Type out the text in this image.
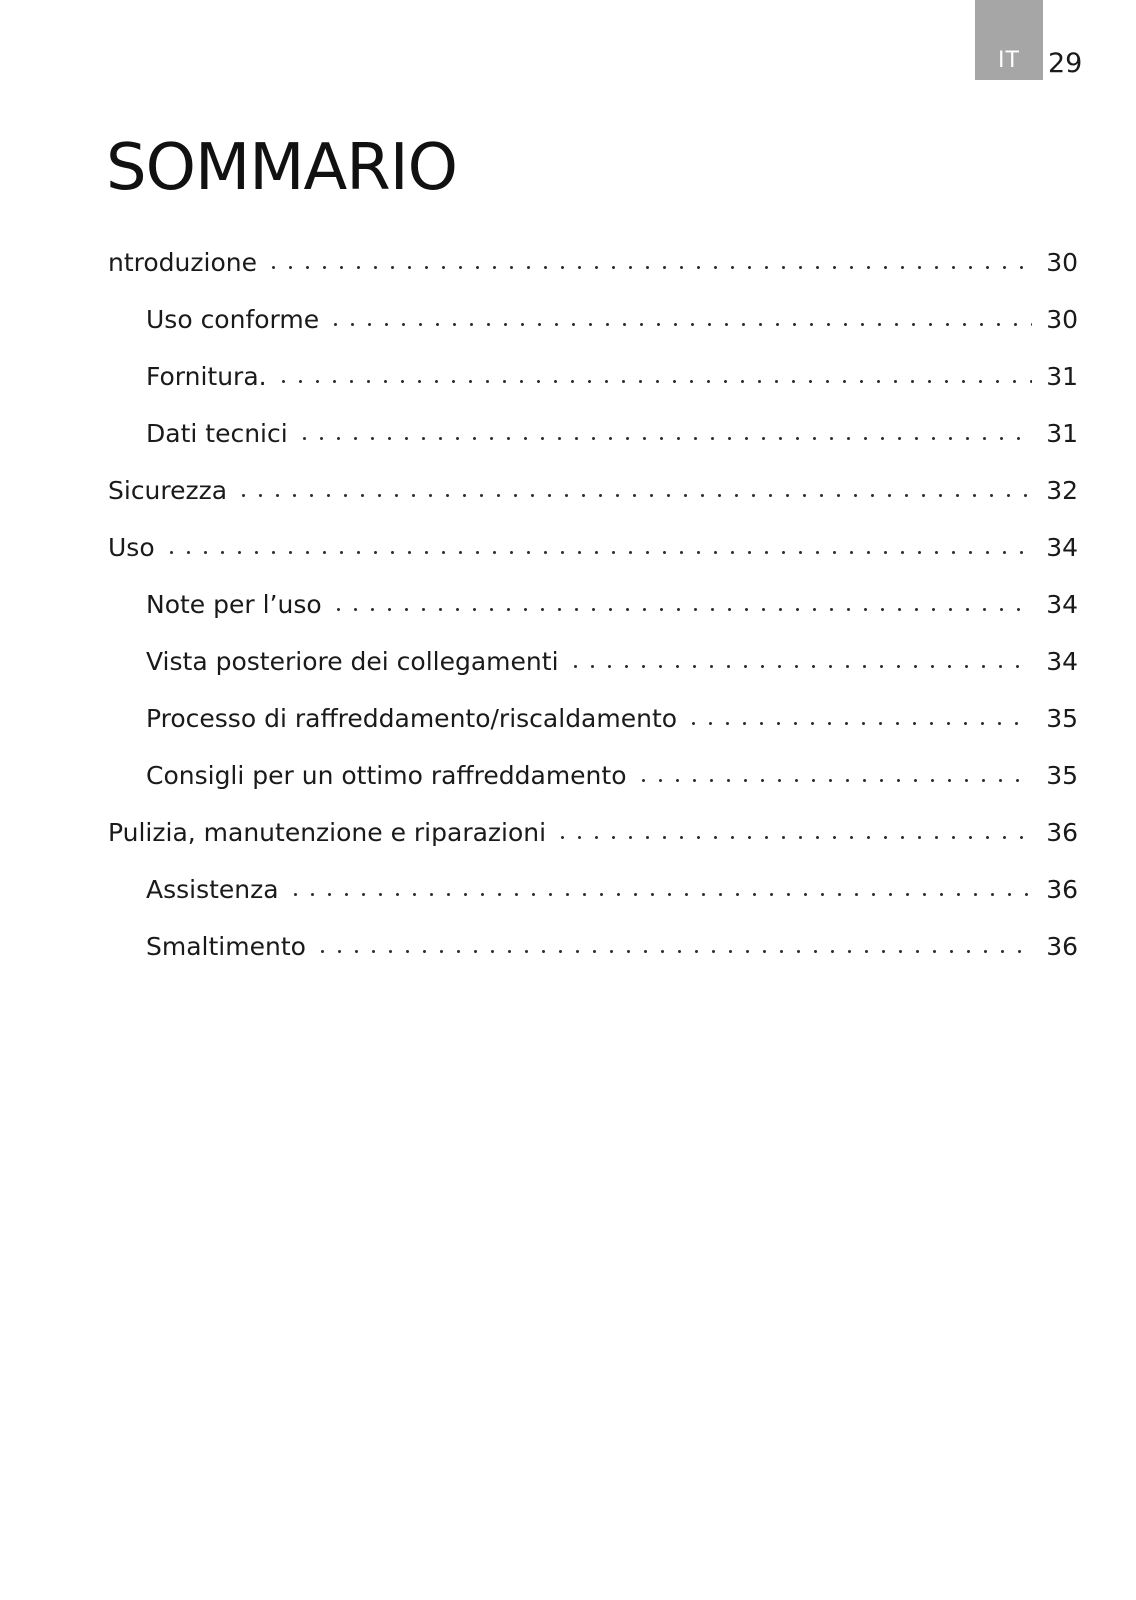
IT	29
SOMMARIO
ntroduzione	30
Uso conforme	30
Fornitura.	31
Dati tecnici	31
Sicurezza	32
Uso	34
Note per l’uso	34
Vista posteriore dei collegamenti	34
Processo di raffreddamento/riscaldamento	35
Consigli per un ottimo raffreddamento	35
Pulizia, manutenzione e riparazioni	36
Assistenza	36
Smaltimento	36
